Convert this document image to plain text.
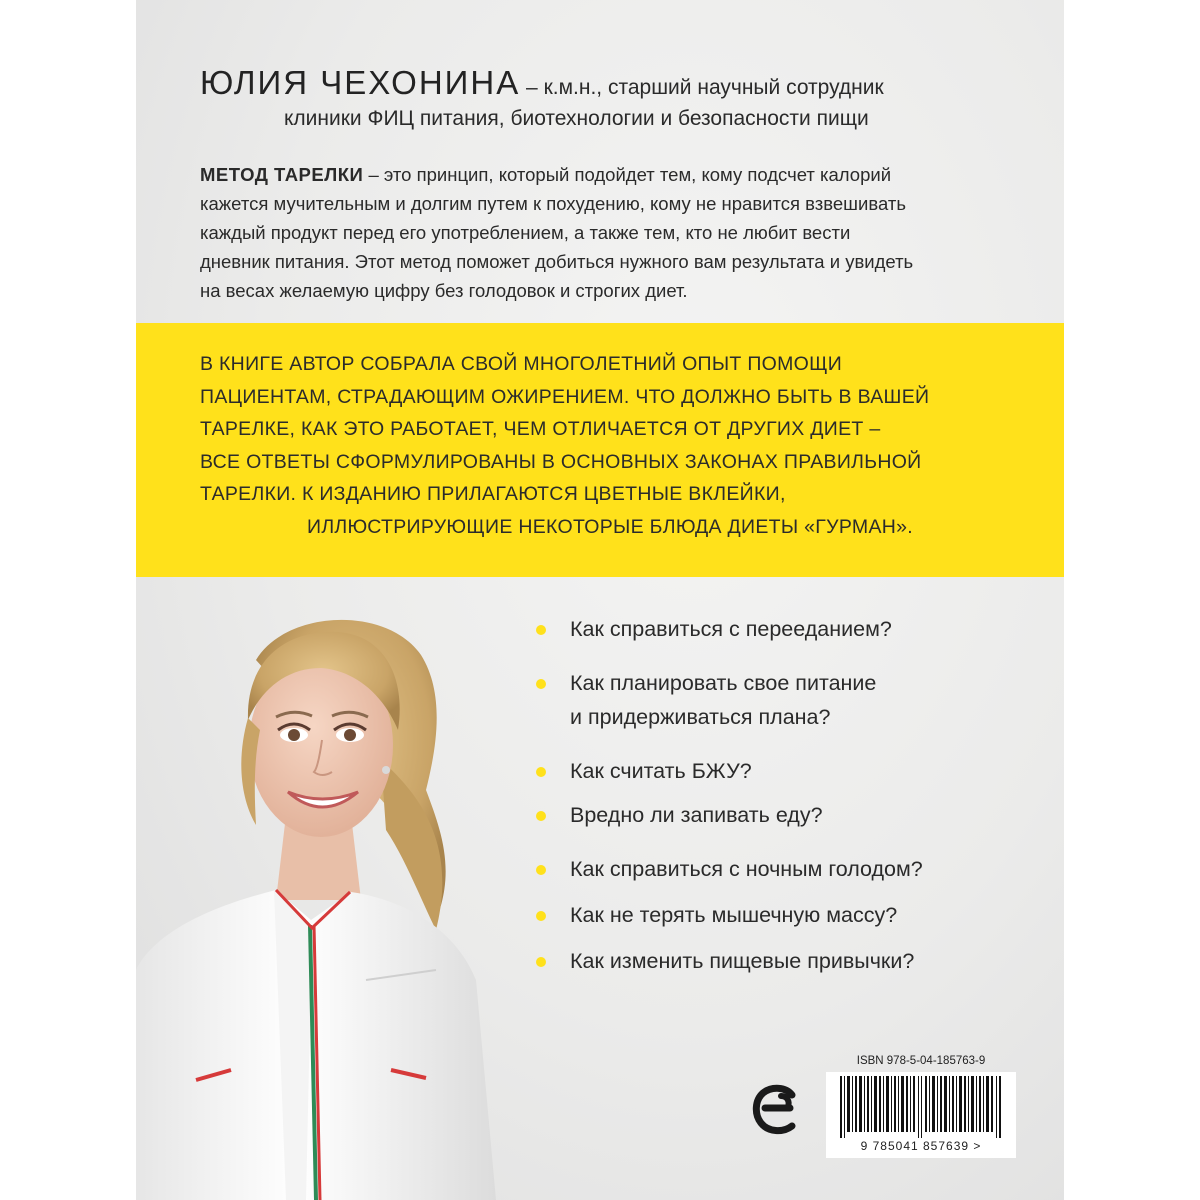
ЮЛИЯ ЧЕХОНИНА – к.м.н., старший научный сотрудник
клиники ФИЦ питания, биотехнологии и безопасности пищи

МЕТОД ТАРЕЛКИ – это принцип, который подойдет тем, кому подсчет калорий

кажется мучительным и долгим путем к похудению, кому не нравится взвешивать

каждый продукт перед его употреблением, а также тем, кто не любит вести

дневник питания. Этот метод поможет добиться нужного вам результата и увидеть

на весах желаемую цифру без голодовок и строгих диет.

В КНИГЕ АВТОР СОБРАЛА СВОЙ МНОГОЛЕТНИЙ ОПЫТ ПОМОЩИ

ПАЦИЕНТАМ, СТРАДАЮЩИМ ОЖИРЕНИЕМ. ЧТО ДОЛЖНО БЫТЬ В ВАШЕЙ

ТАРЕЛКЕ, КАК ЭТО РАБОТАЕТ, ЧЕМ ОТЛИЧАЕТСЯ ОТ ДРУГИХ ДИЕТ –

ВСЕ ОТВЕТЫ СФОРМУЛИРОВАНЫ В ОСНОВНЫХ ЗАКОНАХ ПРАВИЛЬНОЙ

ТАРЕЛКИ. К ИЗДАНИЮ ПРИЛАГАЮТСЯ ЦВЕТНЫЕ ВКЛЕЙКИ,

ИЛЛЮСТРИРУЮЩИЕ НЕКОТОРЫЕ БЛЮДА ДИЕТЫ «ГУРМАН».

Как справиться с перееданием?
Как планировать свое питание
и придерживаться плана?
Как считать БЖУ?
Вредно ли запивать еду?
Как справиться с ночным голодом?
Как не терять мышечную массу?
Как изменить пищевые привычки?
ISBN 978-5-04-185763-9
9 785041 857639 >
